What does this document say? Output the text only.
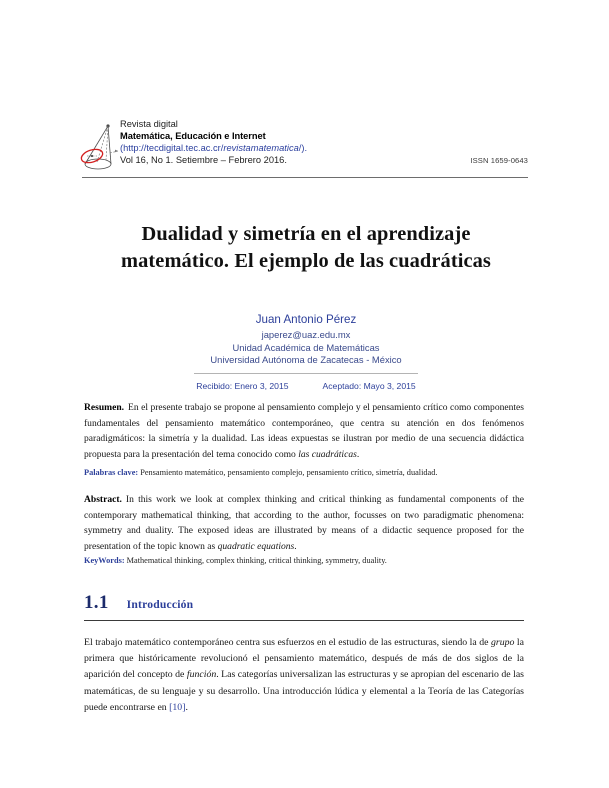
Revista digital
Matemática, Educación e Internet
(http://tecdigital.tec.ac.cr/revistamatematica/).
Vol 16, No 1. Setiembre – Febrero 2016.	ISSN 1659-0643
Dualidad y simetría en el aprendizaje
matemático. El ejemplo de las cuadráticas
Juan Antonio Pérez
japerez@uaz.edu.mx
Unidad Académica de Matemáticas
Universidad Autónoma de Zacatecas - México
Recibido: Enero 3, 2015	Aceptado: Mayo 3, 2015
Resumen. En el presente trabajo se propone al pensamiento complejo y el pensamiento crítico como componentes fundamentales del pensamiento matemático contemporáneo, que centra su atención en dos fenómenos paradigmáticos: la simetría y la dualidad. Las ideas expuestas se ilustran por medio de una secuencia didáctica propuesta para la presentación del tema conocido como las cuadráticas.
Palabras clave: Pensamiento matemático, pensamiento complejo, pensamiento crítico, simetría, dualidad.
Abstract. In this work we look at complex thinking and critical thinking as fundamental components of the contemporary mathematical thinking, that according to the author, focusses on two paradigmatic phenomena: symmetry and duality. The exposed ideas are illustrated by means of a didactic sequence proposed for the presentation of the topic known as quadratic equations.
KeyWords: Mathematical thinking, complex thinking, critical thinking, symmetry, duality.
1.1 Introducción
El trabajo matemático contemporáneo centra sus esfuerzos en el estudio de las estructuras, siendo la de grupo la primera que históricamente revolucionó el pensamiento matemático, después de más de dos siglos de la aparición del concepto de función. Las categorías universalizan las estructuras y se apropian del escenario de las matemáticas, de su lenguaje y su desarrollo. Una introducción lúdica y elemental a la Teoría de las Categorías puede encontrarse en [10].
